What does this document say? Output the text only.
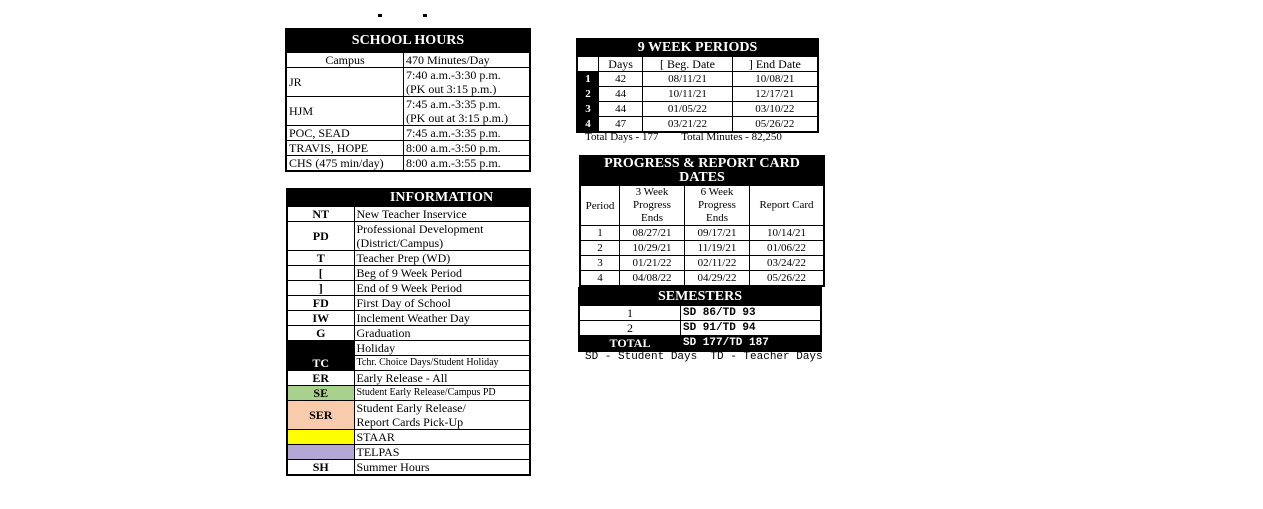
SCHOOL HOURS	
Campus	470 Minutes/Day
JR	7:40 a.m.-3:30 p.m.
(PK out 3:15 p.m.)

HJM	7:45 a.m.-3:35 p.m.
(PK out at 3:15 p.m.)

POC, SEAD	7:45 a.m.-3:35 p.m.
TRAVIS, HOPE	8:00 a.m.-3:50 p.m.
CHS (475 min/day)	8:00 a.m.-3:55 p.m.
	INFORMATION
NT	New Teacher Inservice
PD	Professional Development
(District/Campus)

T	Teacher Prep (WD)
[	Beg of 9 Week Period
]	End of 9 Week Period
FD	First Day of School
IW	Inclement Weather Day
G	Graduation
	Holiday
TC	Tchr. Choice Days/Student Holiday
ER	Early Release - All
SE	Student Early Release/Campus PD
SER	Student Early Release/
Report Cards Pick-Up

	STAAR
	TELPAS
SH	Summer Hours
9 WEEK PERIODS			
	Days	[ Beg. Date	] End Date
1	42	08/11/21	10/08/21
2	44	10/11/21	12/17/21
3	44	01/05/22	03/10/22
4	47	03/21/22	05/26/22
Total Days - 177 Total Minutes - 82,250
PROGRESS & REPORT CARD DATES			
Period	3 Week Progress Ends	6 Week Progress Ends	Report Card
1	08/27/21	09/17/21	10/14/21
2	10/29/21	11/19/21	01/06/22
3	01/21/22	02/11/22	03/24/22
4	04/08/22	04/29/22	05/26/22
SEMESTERS	
1	SD 86/TD 93
2	SD 91/TD 94
TOTAL	SD 177/TD 187
SD - Student Days  TD - Teacher Days
